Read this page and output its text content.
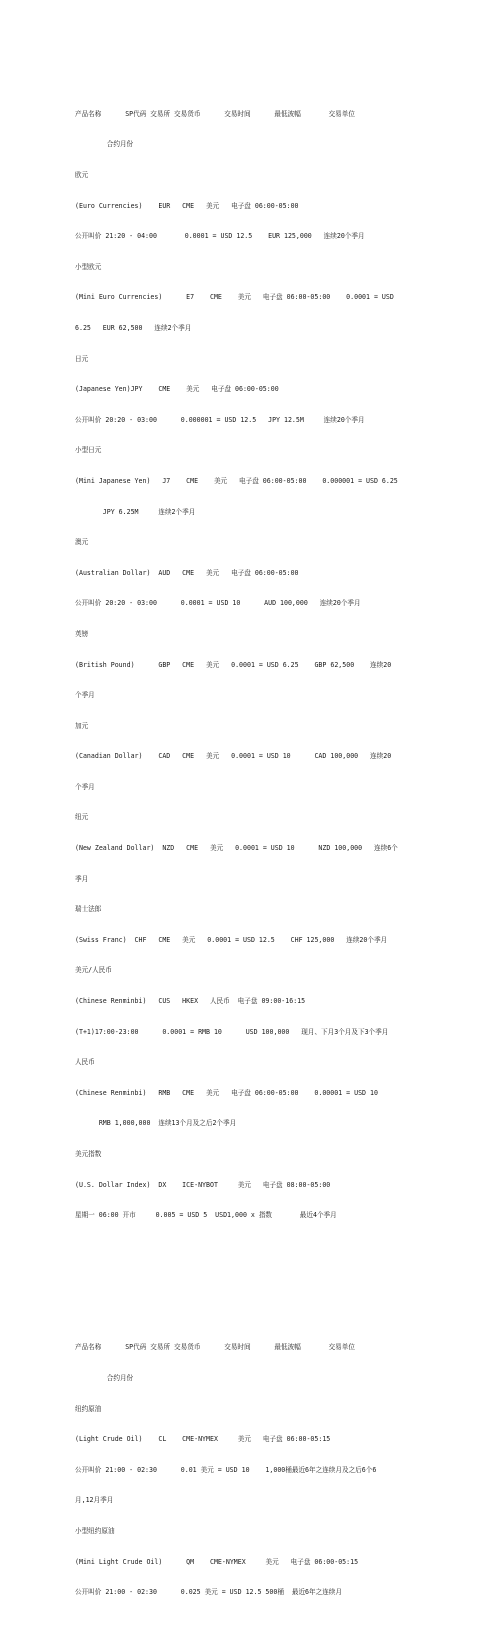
产品名称      SP代码 交易所 交易货币      交易时间      最低波幅       交易单位

合约月份

欧元

(Euro Currencies)    EUR   CME   美元   电子盘 06:00-05:00

公开叫价 21:20 - 04:00       0.0001 = USD 12.5    EUR 125,000   连续20个季月

小型欧元

(Mini Euro Currencies)      E7    CME    美元   电子盘 06:00-05:00    0.0001 = USD

6.25   EUR 62,500   连续2个季月

日元

(Japanese Yen)JPY    CME    美元   电子盘 06:00-05:00

公开叫价 20:20 - 03:00      0.000001 = USD 12.5   JPY 12.5M     连续20个季月

小型日元

(Mini Japanese Yen)   J7    CME    美元   电子盘 06:00-05:00    0.000001 = USD 6.25

JPY 6.25M     连续2个季月

澳元

(Australian Dollar)  AUD   CME   美元   电子盘 06:00-05:00

公开叫价 20:20 - 03:00      0.0001 = USD 10      AUD 100,000   连续20个季月

英镑

(British Pound)      GBP   CME   美元   0.0001 = USD 6.25    GBP 62,500    连续20

个季月

加元

(Canadian Dollar)    CAD   CME   美元   0.0001 = USD 10      CAD 100,000   连续20

个季月

纽元

(New Zealand Dollar)  NZD   CME   美元   0.0001 = USD 10      NZD 100,000   连续6个

季月

瑞士法郎

(Swiss Franc)  CHF   CME   美元   0.0001 = USD 12.5    CHF 125,000   连续20个季月

美元/人民币

(Chinese Renminbi)   CUS   HKEX   人民币  电子盘 09:00-16:15

(T+1)17:00-23:00      0.0001 = RMB 10      USD 100,000   现月、下月3个月及下3个季月

人民币

(Chinese Renminbi)   RMB   CME   美元   电子盘 06:00-05:00    0.00001 = USD 10

RMB 1,000,000  连续13个月及之后2个季月

美元指数

(U.S. Dollar Index)  DX    ICE-NYBOT     美元   电子盘 08:00-05:00

星期一 06:00 开市     0.005 = USD 5  USD1,000 x 指数       最近4个季月

产品名称      SP代码 交易所 交易货币      交易时间      最低波幅       交易单位

合约月份

纽约原油

(Light Crude Oil)    CL    CME-NYMEX     美元   电子盘 06:00-05:15

公开叫价 21:00 - 02:30      0.01 美元 = USD 10    1,000桶最近6年之连续月及之后6个6

月,12月季月

小型纽约原油

(Mini Light Crude Oil)      QM    CME-NYMEX     美元   电子盘 06:00-05:15

公开叫价 21:00 - 02:30      0.025 美元 = USD 12.5 500桶  最近6年之连续月
